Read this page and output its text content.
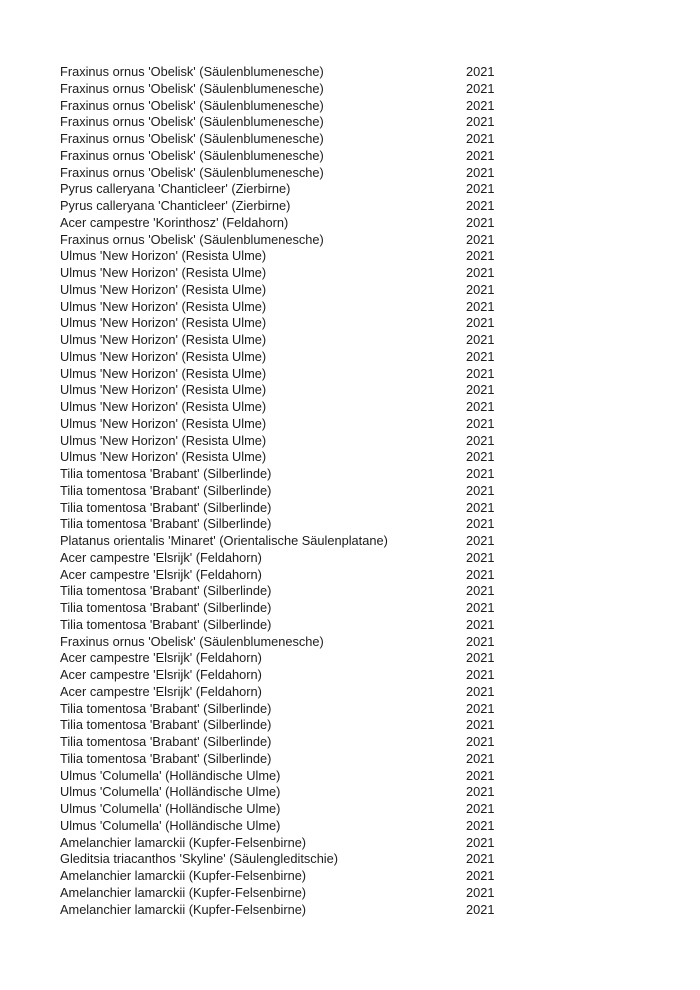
Fraxinus ornus 'Obelisk' (Säulenblumenesche)	2021
Fraxinus ornus 'Obelisk' (Säulenblumenesche)	2021
Fraxinus ornus 'Obelisk' (Säulenblumenesche)	2021
Fraxinus ornus 'Obelisk' (Säulenblumenesche)	2021
Fraxinus ornus 'Obelisk' (Säulenblumenesche)	2021
Fraxinus ornus 'Obelisk' (Säulenblumenesche)	2021
Fraxinus ornus 'Obelisk' (Säulenblumenesche)	2021
Pyrus calleryana 'Chanticleer' (Zierbirne)	2021
Pyrus calleryana 'Chanticleer' (Zierbirne)	2021
Acer campestre 'Korinthosz' (Feldahorn)	2021
Fraxinus ornus 'Obelisk' (Säulenblumenesche)	2021
Ulmus 'New Horizon' (Resista Ulme)	2021
Ulmus 'New Horizon' (Resista Ulme)	2021
Ulmus 'New Horizon' (Resista Ulme)	2021
Ulmus 'New Horizon' (Resista Ulme)	2021
Ulmus 'New Horizon' (Resista Ulme)	2021
Ulmus 'New Horizon' (Resista Ulme)	2021
Ulmus 'New Horizon' (Resista Ulme)	2021
Ulmus 'New Horizon' (Resista Ulme)	2021
Ulmus 'New Horizon' (Resista Ulme)	2021
Ulmus 'New Horizon' (Resista Ulme)	2021
Ulmus 'New Horizon' (Resista Ulme)	2021
Ulmus 'New Horizon' (Resista Ulme)	2021
Ulmus 'New Horizon' (Resista Ulme)	2021
Tilia tomentosa 'Brabant' (Silberlinde)	2021
Tilia tomentosa 'Brabant' (Silberlinde)	2021
Tilia tomentosa 'Brabant' (Silberlinde)	2021
Tilia tomentosa 'Brabant' (Silberlinde)	2021
Platanus orientalis 'Minaret' (Orientalische Säulenplatane)	2021
Acer campestre 'Elsrijk' (Feldahorn)	2021
Acer campestre 'Elsrijk' (Feldahorn)	2021
Tilia tomentosa 'Brabant' (Silberlinde)	2021
Tilia tomentosa 'Brabant' (Silberlinde)	2021
Tilia tomentosa 'Brabant' (Silberlinde)	2021
Fraxinus ornus 'Obelisk' (Säulenblumenesche)	2021
Acer campestre 'Elsrijk' (Feldahorn)	2021
Acer campestre 'Elsrijk' (Feldahorn)	2021
Acer campestre 'Elsrijk' (Feldahorn)	2021
Tilia tomentosa 'Brabant' (Silberlinde)	2021
Tilia tomentosa 'Brabant' (Silberlinde)	2021
Tilia tomentosa 'Brabant' (Silberlinde)	2021
Tilia tomentosa 'Brabant' (Silberlinde)	2021
Ulmus 'Columella' (Holländische Ulme)	2021
Ulmus 'Columella' (Holländische Ulme)	2021
Ulmus 'Columella' (Holländische Ulme)	2021
Ulmus 'Columella' (Holländische Ulme)	2021
Amelanchier lamarckii (Kupfer-Felsenbirne)	2021
Gleditsia triacanthos 'Skyline' (Säulengleditschie)	2021
Amelanchier lamarckii (Kupfer-Felsenbirne)	2021
Amelanchier lamarckii (Kupfer-Felsenbirne)	2021
Amelanchier lamarckii (Kupfer-Felsenbirne)	2021
